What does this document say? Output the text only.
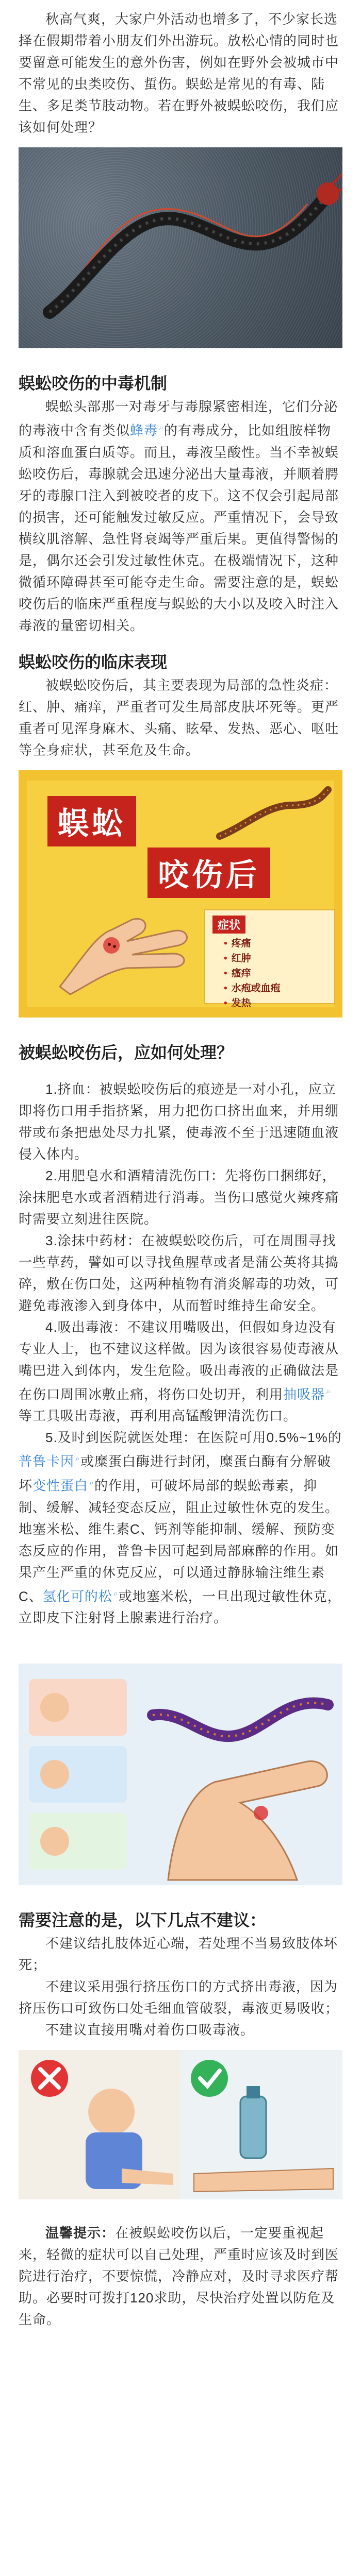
秋高气爽，大家户外活动也增多了，不少家长选择在假期带着小朋友们外出游玩。放松心情的同时也要留意可能发生的意外伤害，例如在野外会被城市中不常见的虫类咬伤、蜇伤。蜈蚣是常见的有毒、陆生、多足类节肢动物。若在野外被蜈蚣咬伤，我们应该如何处理？

蜈蚣咬伤的中毒机制

蜈蚣头部那一对毒牙与毒腺紧密相连，它们分泌的毒液中含有类似蜂毒 ⌕的有毒成分，比如组胺样物质和溶血蛋白质等。而且，毒液呈酸性。当不幸被蜈蚣咬伤后，毒腺就会迅速分泌出大量毒液，并顺着腭牙的毒腺口注入到被咬者的皮下。这不仅会引起局部的损害，还可能触发过敏反应。严重情况下，会导致横纹肌溶解、急性肾衰竭等严重后果。更值得警惕的是，偶尔还会引发过敏性休克。在极端情况下，这种微循环障碍甚至可能夺走生命。需要注意的是，蜈蚣咬伤后的临床严重程度与蜈蚣的大小以及咬入时注入毒液的量密切相关。

蜈蚣咬伤的临床表现

被蜈蚣咬伤后，其主要表现为局部的急性炎症：红、肿、痛痒，严重者可发生局部皮肤坏死等。更严重者可见浑身麻木、头痛、眩晕、发热、恶心、呕吐等全身症状，甚至危及生命。

蜈蚣
咬伤后
症状
• 疼痛
• 红肿
• 瘙痒
• 水疱或血疱
• 发热
被蜈蚣咬伤后，应如何处理？

1.挤血：被蜈蚣咬伤后的痕迹是一对小孔，应立即将伤口用手指挤紧，用力把伤口挤出血来，并用绷带或布条把患处尽力扎紧，使毒液不至于迅速随血液侵入体内。

2.用肥皂水和酒精清洗伤口：先将伤口捆绑好，涂抹肥皂水或者酒精进行消毒。当伤口感觉火辣疼痛时需要立刻进往医院。

3.涂抹中药材：在被蜈蚣咬伤后，可在周围寻找一些草药，譬如可以寻找鱼腥草或者是蒲公英将其捣碎，敷在伤口处，这两种植物有消炎解毒的功效，可避免毒液渗入到身体中，从而暂时维持生命安全。

4.吸出毒液：不建议用嘴吸出，但假如身边没有专业人士，也不建议这样做。因为该很容易使毒液从嘴巴进入到体内，发生危险。吸出毒液的正确做法是在伤口周围冰敷止痛，将伤口处切开，利用抽吸器 ⌕等工具吸出毒液，再利用高锰酸钾清洗伤口。

5.及时到医院就医处理：在医院可用0.5%~1%的普鲁卡因 ⌕或糜蛋白酶进行封闭，糜蛋白酶有分解破坏变性蛋白 ⌕的作用，可破坏局部的蜈蚣毒素，抑制、缓解、减轻变态反应，阻止过敏性休克的发生。地塞米松、维生素C、钙剂等能抑制、缓解、预防变态反应的作用，普鲁卡因可起到局部麻醉的作用。如果产生严重的休克反应，可以通过静脉输注维生素C、氢化可的松 ⌕或地塞米松，一旦出现过敏性休克，立即皮下注射肾上腺素进行治疗。

需要注意的是，以下几点不建议：

不建议结扎肢体近心端，若处理不当易致肢体坏死；

不建议采用强行挤压伤口的方式挤出毒液，因为挤压伤口可致伤口处毛细血管破裂，毒液更易吸收；

不建议直接用嘴对着伤口吸毒液。

温馨提示：在被蜈蚣咬伤以后，一定要重视起来，轻微的症状可以自己处理，严重时应该及时到医院进行治疗，不要惊慌，冷静应对，及时寻求医疗帮助。必要时可拨打120求助，尽快治疗处置以防危及生命。
